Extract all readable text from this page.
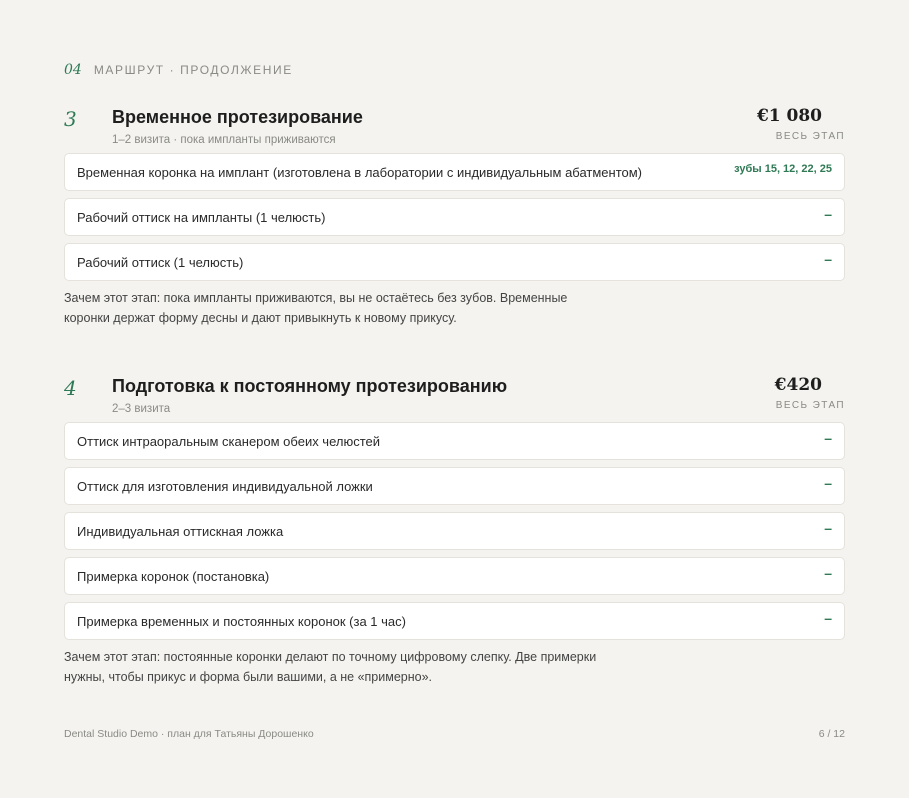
04 МАРШРУТ · ПРОДОЛЖЕНИЕ
3 Временное протезирование
1–2 визита · пока импланты приживаются
€1 080
ВЕСЬ ЭТАП
Временная коронка на имплант (изготовлена в лаборатории с индивидуальным абатментом)	зубы 15, 12, 22, 25
Рабочий оттиск на импланты (1 челюсть)	–
Рабочий оттиск (1 челюсть)	–
Зачем этот этап: пока импланты приживаются, вы не остаётесь без зубов. Временные коронки держат форму десны и дают привыкнуть к новому прикусу.
4 Подготовка к постоянному протезированию
2–3 визита
€420
ВЕСЬ ЭТАП
Оттиск интраоральным сканером обеих челюстей	–
Оттиск для изготовления индивидуальной ложки	–
Индивидуальная оттискная ложка	–
Примерка коронок (постановка)	–
Примерка временных и постоянных коронок (за 1 час)	–
Зачем этот этап: постоянные коронки делают по точному цифровому слепку. Две примерки нужны, чтобы прикус и форма были вашими, а не «примерно».
Dental Studio Demo · план для Татьяны Дорошенко	6 / 12
